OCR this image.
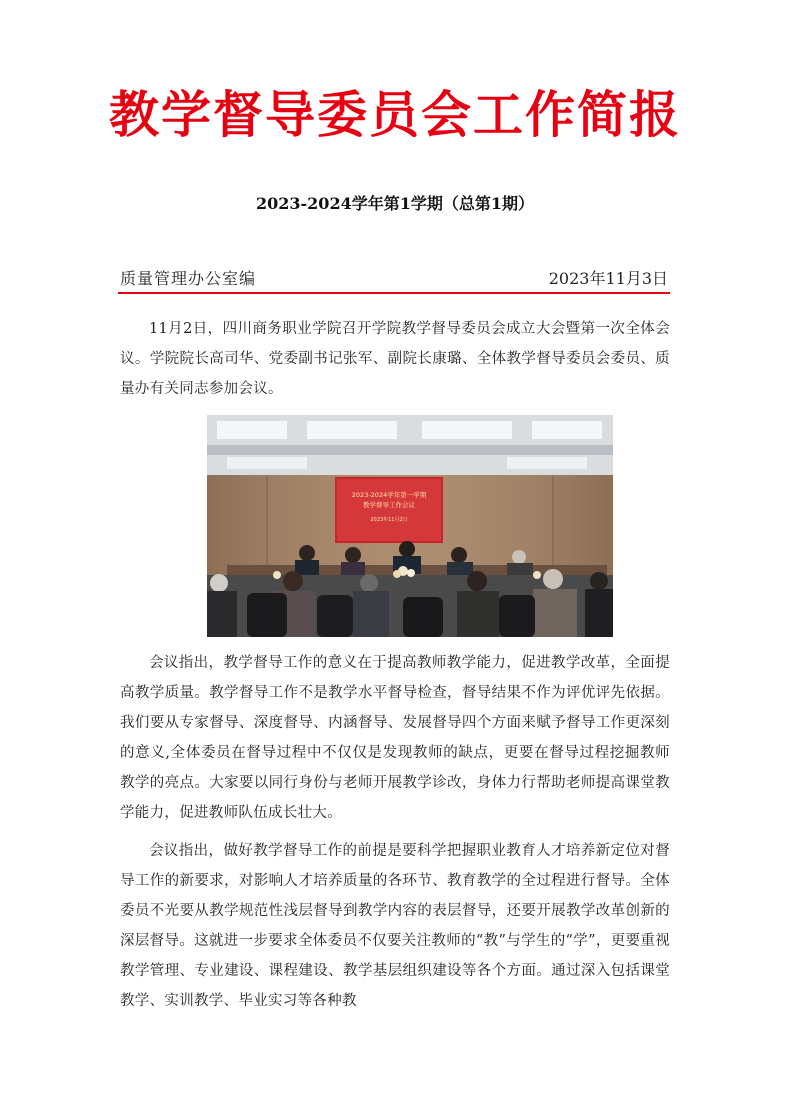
教学督导委员会工作简报

2023-2024学年第1学期（总第1期）

质量管理办公室编	2023年11月3日

11月2日，四川商务职业学院召开学院教学督导委员会成立大会暨第一次全体会议。学院院长高司华、党委副书记张军、副院长康璐、全体教学督导委员会委员、质量办有关同志参加会议。

2023-2024学年第一学期
教学督导工作会议
2023年11月2日

会议指出，教学督导工作的意义在于提高教师教学能力，促进教学改革，全面提高教学质量。教学督导工作不是教学水平督导检查，督导结果不作为评优评先依据。我们要从专家督导、深度督导、内涵督导、发展督导四个方面来赋予督导工作更深刻的意义,全体委员在督导过程中不仅仅是发现教师的缺点，更要在督导过程挖掘教师教学的亮点。大家要以同行身份与老师开展教学诊改，身体力行帮助老师提高课堂教学能力，促进教师队伍成长壮大。

会议指出，做好教学督导工作的前提是要科学把握职业教育人才培养新定位对督导工作的新要求，对影响人才培养质量的各环节、教育教学的全过程进行督导。全体委员不光要从教学规范性浅层督导到教学内容的表层督导，还要开展教学改革创新的深层督导。这就进一步要求全体委员不仅要关注教师的“教”与学生的“学”，更要重视教学管理、专业建设、课程建设、教学基层组织建设等各个方面。通过深入包括课堂教学、实训教学、毕业实习等各种教
